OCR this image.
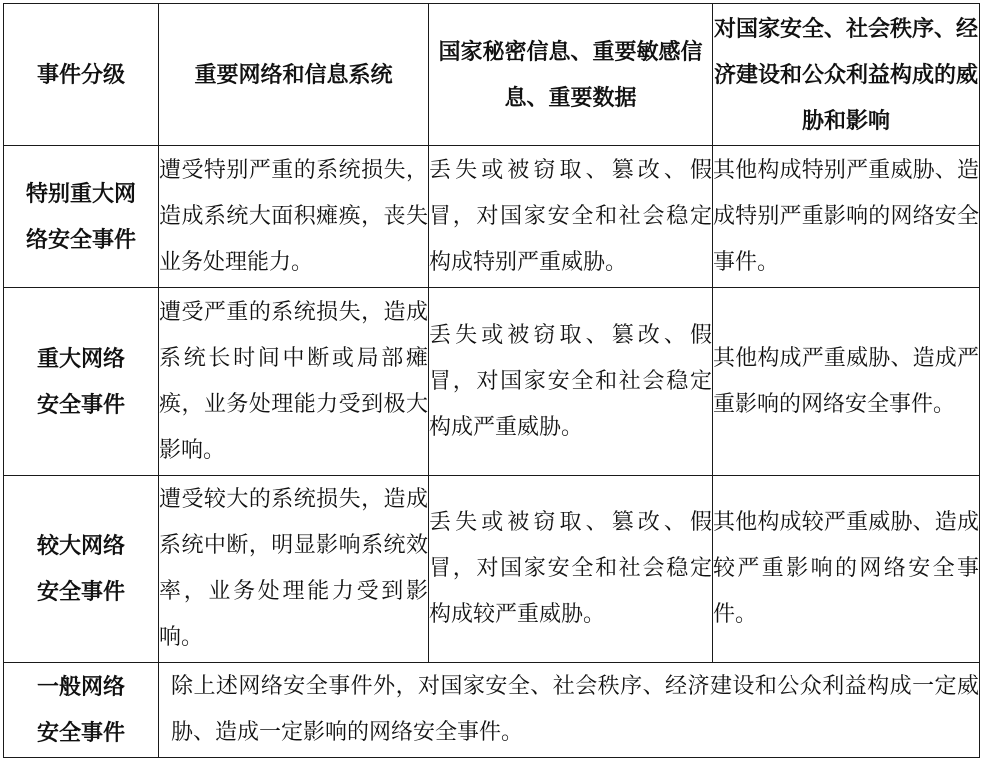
事件分级	重要网络和信息系统	国家秘密信息、重要敏感信息、重要数据	对国家安全、社会秩序、经济建设和公众利益构成的威胁和影响
特别重大网络安全事件	遭受特别严重的系统损失，造成系统大面积瘫痪，丧失业务处理能力。	丢失或被窃取、篡改、假冒，对国家安全和社会稳定构成特别严重威胁。	其他构成特别严重威胁、造成特别严重影响的网络安全事件。
重大网络安全事件	遭受严重的系统损失，造成系统长时间中断或局部瘫痪，业务处理能力受到极大影响。	丢失或被窃取、篡改、假冒，对国家安全和社会稳定构成严重威胁。	其他构成严重威胁、造成严重影响的网络安全事件。
较大网络安全事件	遭受较大的系统损失，造成系统中断，明显影响系统效率，业务处理能力受到影响。	丢失或被窃取、篡改、假冒，对国家安全和社会稳定构成较严重威胁。	其他构成较严重威胁、造成较严重影响的网络安全事件。
一般网络安全事件	除上述网络安全事件外，对国家安全、社会秩序、经济建设和公众利益构成一定威胁、造成一定影响的网络安全事件。		
